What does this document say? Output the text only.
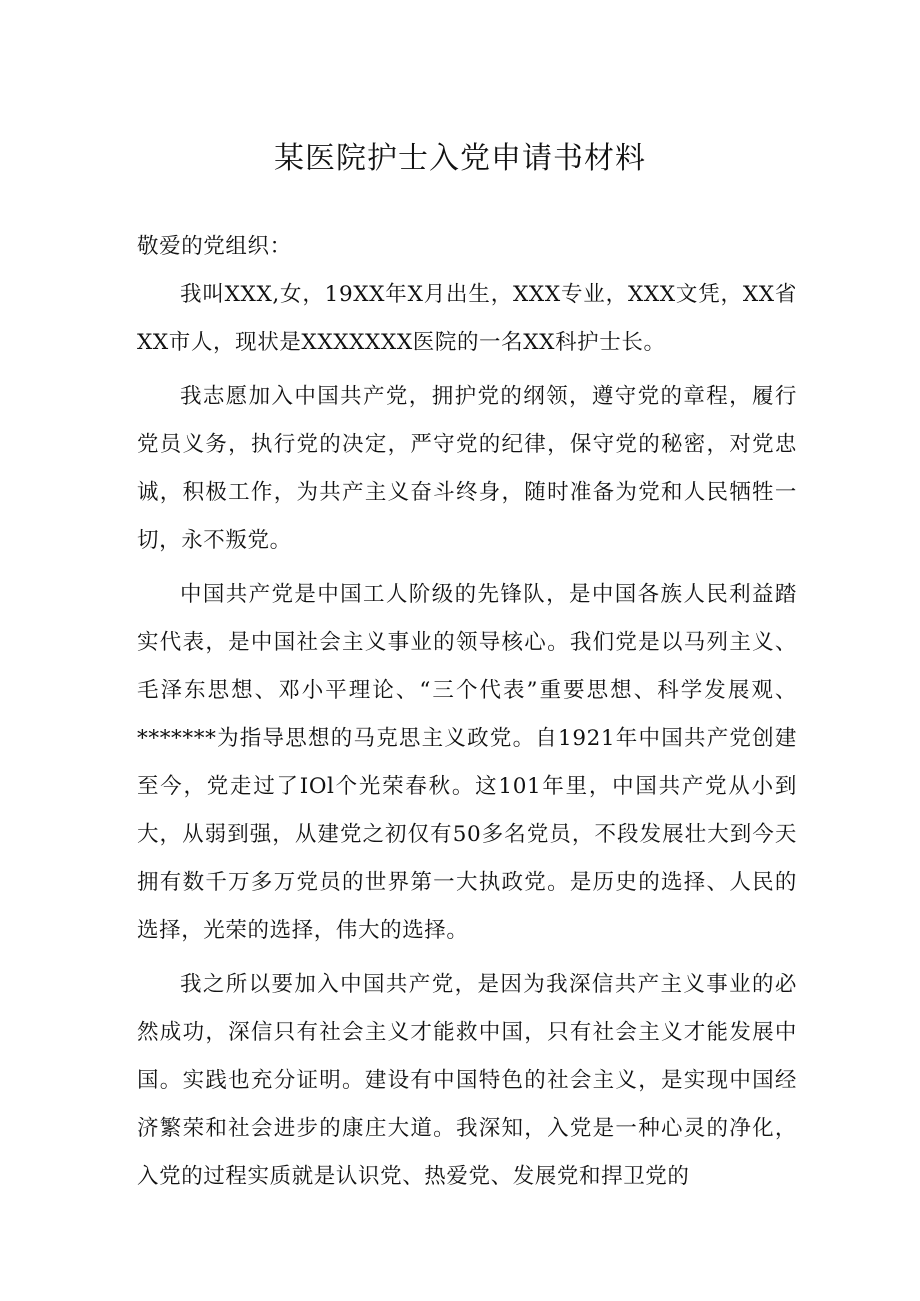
某医院护士入党申请书材料

敬爱的党组织：

我叫XXX,女，19XX年X月出生，XXX专业，XXX文凭，XX省XX市人，现状是XXXXXXX医院的一名XX科护士长。

我志愿加入中国共产党，拥护党的纲领，遵守党的章程，履行党员义务，执行党的决定，严守党的纪律，保守党的秘密，对党忠诚，积极工作，为共产主义奋斗终身，随时准备为党和人民牺牲一切，永不叛党。

中国共产党是中国工人阶级的先锋队，是中国各族人民利益踏实代表，是中国社会主义事业的领导核心。我们党是以马列主义、毛泽东思想、邓小平理论、“三个代表”重要思想、科学发展观、*******为指导思想的马克思主义政党。自1921年中国共产党创建至今，党走过了IOl个光荣春秋。这101年里，中国共产党从小到大，从弱到强，从建党之初仅有50多名党员，不段发展壮大到今天拥有数千万多万党员的世界第一大执政党。是历史的选择、人民的选择，光荣的选择，伟大的选择。

我之所以要加入中国共产党，是因为我深信共产主义事业的必然成功，深信只有社会主义才能救中国，只有社会主义才能发展中国。实践也充分证明。建设有中国特色的社会主义，是实现中国经济繁荣和社会进步的康庄大道。我深知，入党是一种心灵的净化，入党的过程实质就是认识党、热爱党、发展党和捍卫党的
